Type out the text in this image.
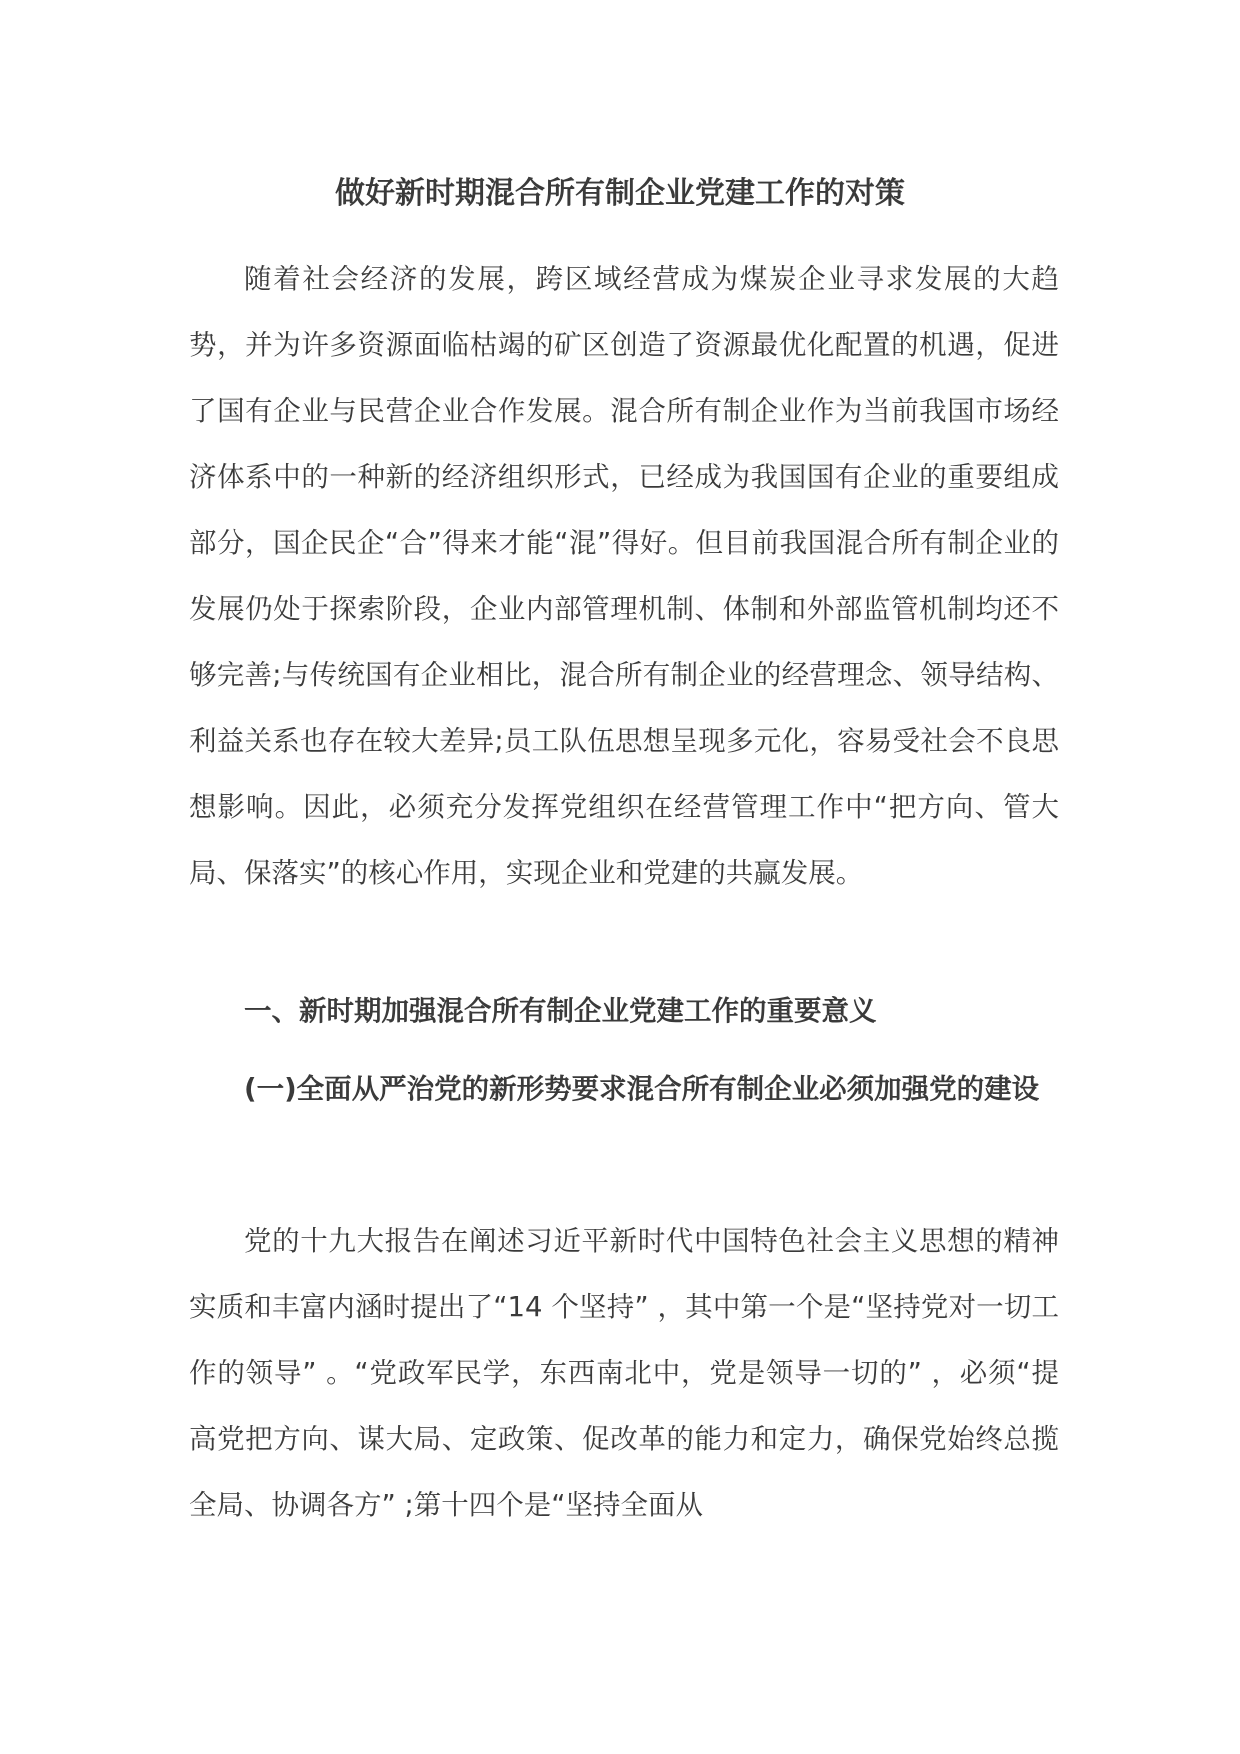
做好新时期混合所有制企业党建工作的对策

随着社会经济的发展，跨区域经营成为煤炭企业寻求发展的大趋势，并为许多资源面临枯竭的矿区创造了资源最优化配置的机遇，促进了国有企业与民营企业合作发展。混合所有制企业作为当前我国市场经济体系中的一种新的经济组织形式，已经成为我国国有企业的重要组成部分，国企民企“合”得来才能“混”得好。但目前我国混合所有制企业的发展仍处于探索阶段，企业内部管理机制、体制和外部监管机制均还不够完善;与传统国有企业相比，混合所有制企业的经营理念、领导结构、利益关系也存在较大差异;员工队伍思想呈现多元化，容易受社会不良思想影响。因此，必须充分发挥党组织在经营管理工作中“把方向、管大局、保落实”的核心作用，实现企业和党建的共赢发展。

一、新时期加强混合所有制企业党建工作的重要意义

(一)全面从严治党的新形势要求混合所有制企业必须加强党的建设

党的十九大报告在阐述习近平新时代中国特色社会主义思想的精神实质和丰富内涵时提出了“14 个坚持” ，其中第一个是“坚持党对一切工作的领导” 。“党政军民学，东西南北中，党是领导一切的” ，必须“提高党把方向、谋大局、定政策、促改革的能力和定力，确保党始终总揽全局、协调各方” ;第十四个是“坚持全面从
